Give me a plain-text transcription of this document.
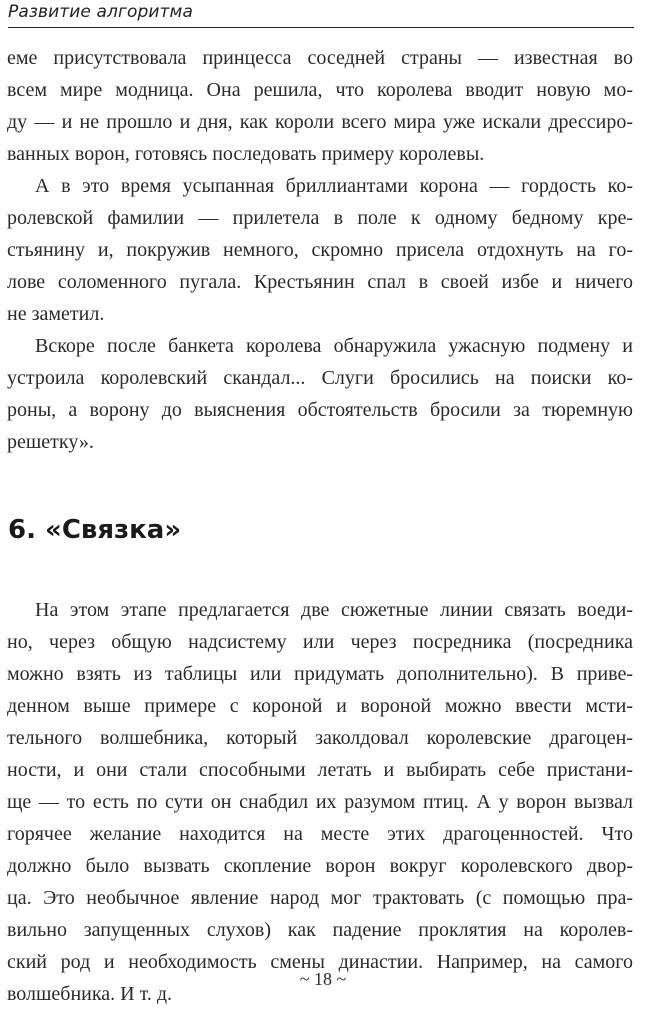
Развитие алгоритма
еме присутствовала принцесса соседней страны — известная во
всем мире модница. Она решила, что королева вводит новую мо-
ду — и не прошло и дня, как короли всего мира уже искали дрессиро-
ванных ворон, готовясь последовать примеру королевы.
А в это время усыпанная бриллиантами корона — гордость ко-
ролевской фамилии — прилетела в поле к одному бедному кре-
стьянину и, покружив немного, скромно присела отдохнуть на го-
лове соломенного пугала. Крестьянин спал в своей избе и ничего
не заметил.
Вскоре после банкета королева обнаружила ужасную подмену и
устроила королевский скандал... Слуги бросились на поиски ко-
роны, а ворону до выяснения обстоятельств бросили за тюремную
решетку».
6. «Связка»
На этом этапе предлагается две сюжетные линии связать воеди-
но, через общую надсистему или через посредника (посредника
можно взять из таблицы или придумать дополнительно). В приве-
денном выше примере с короной и вороной можно ввести мсти-
тельного волшебника, который заколдовал королевские драгоцен-
ности, и они стали способными летать и выбирать себе пристани-
ще — то есть по сути он снабдил их разумом птиц. А у ворон вызвал
горячее желание находится на месте этих драгоценностей. Что
должно было вызвать скопление ворон вокруг королевского двор-
ца. Это необычное явление народ мог трактовать (с помощью пра-
вильно запущенных слухов) как падение проклятия на королев-
ский род и необходимость смены династии. Например, на самого
волшебника. И т. д.
~ 18 ~
